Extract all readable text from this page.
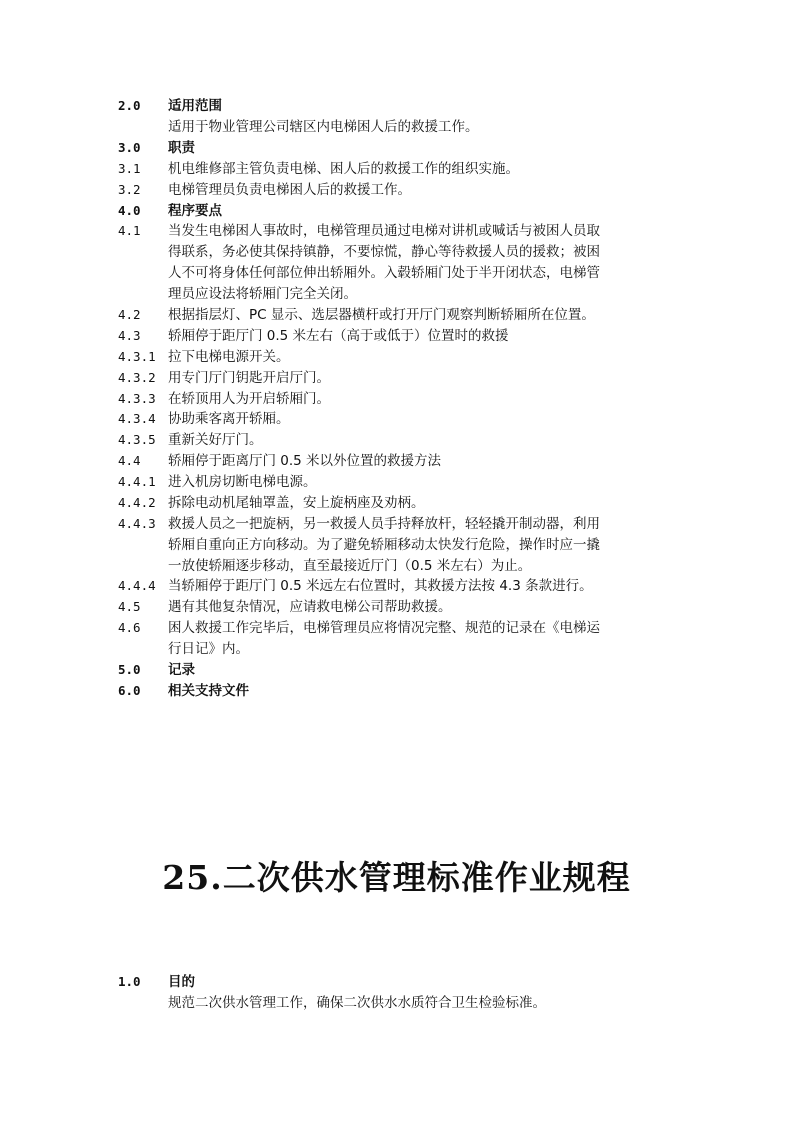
2.0 适用范围
适用于物业管理公司辖区内电梯困人后的救援工作。
3.0 职责
3.1 机电维修部主管负责电梯、困人后的救援工作的组织实施。
3.2 电梯管理员负责电梯困人后的救援工作。
4.0 程序要点
4.1 当发生电梯困人事故时，电梯管理员通过电梯对讲机或喊话与被困人员取
得联系，务必使其保持镇静，不要惊慌，静心等待救援人员的援救；被困
人不可将身体任何部位伸出轿厢外。入毂轿厢门处于半开闭状态，电梯管
理员应设法将轿厢门完全关闭。
4.2 根据指层灯、PC 显示、选层器横杆或打开厅门观察判断轿厢所在位置。
4.3 轿厢停于距厅门 0.5 米左右（高于或低于）位置时的救援
4.3.1 拉下电梯电源开关。
4.3.2 用专门厅门钥匙开启厅门。
4.3.3 在轿顶用人为开启轿厢门。
4.3.4 协助乘客离开轿厢。
4.3.5 重新关好厅门。
4.4 轿厢停于距离厅门 0.5 米以外位置的救援方法
4.4.1 进入机房切断电梯电源。
4.4.2 拆除电动机尾轴罩盖，安上旋柄座及劝柄。
4.4.3 救援人员之一把旋柄，另一救援人员手持释放杆，轻轻撬开制动器，利用
轿厢自重向正方向移动。为了避免轿厢移动太快发行危险，操作时应一撬
一放使轿厢逐步移动，直至最接近厅门（0.5 米左右）为止。
4.4.4 当轿厢停于距厅门 0.5 米远左右位置时，其救援方法按 4.3 条款进行。
4.5 遇有其他复杂情况，应请救电梯公司帮助救援。
4.6 困人救援工作完毕后，电梯管理员应将情况完整、规范的记录在《电梯运
行日记》内。
5.0 记录
6.0 相关支持文件
25.二次供水管理标准作业规程
1.0 目的
规范二次供水管理工作，确保二次供水水质符合卫生检验标准。
